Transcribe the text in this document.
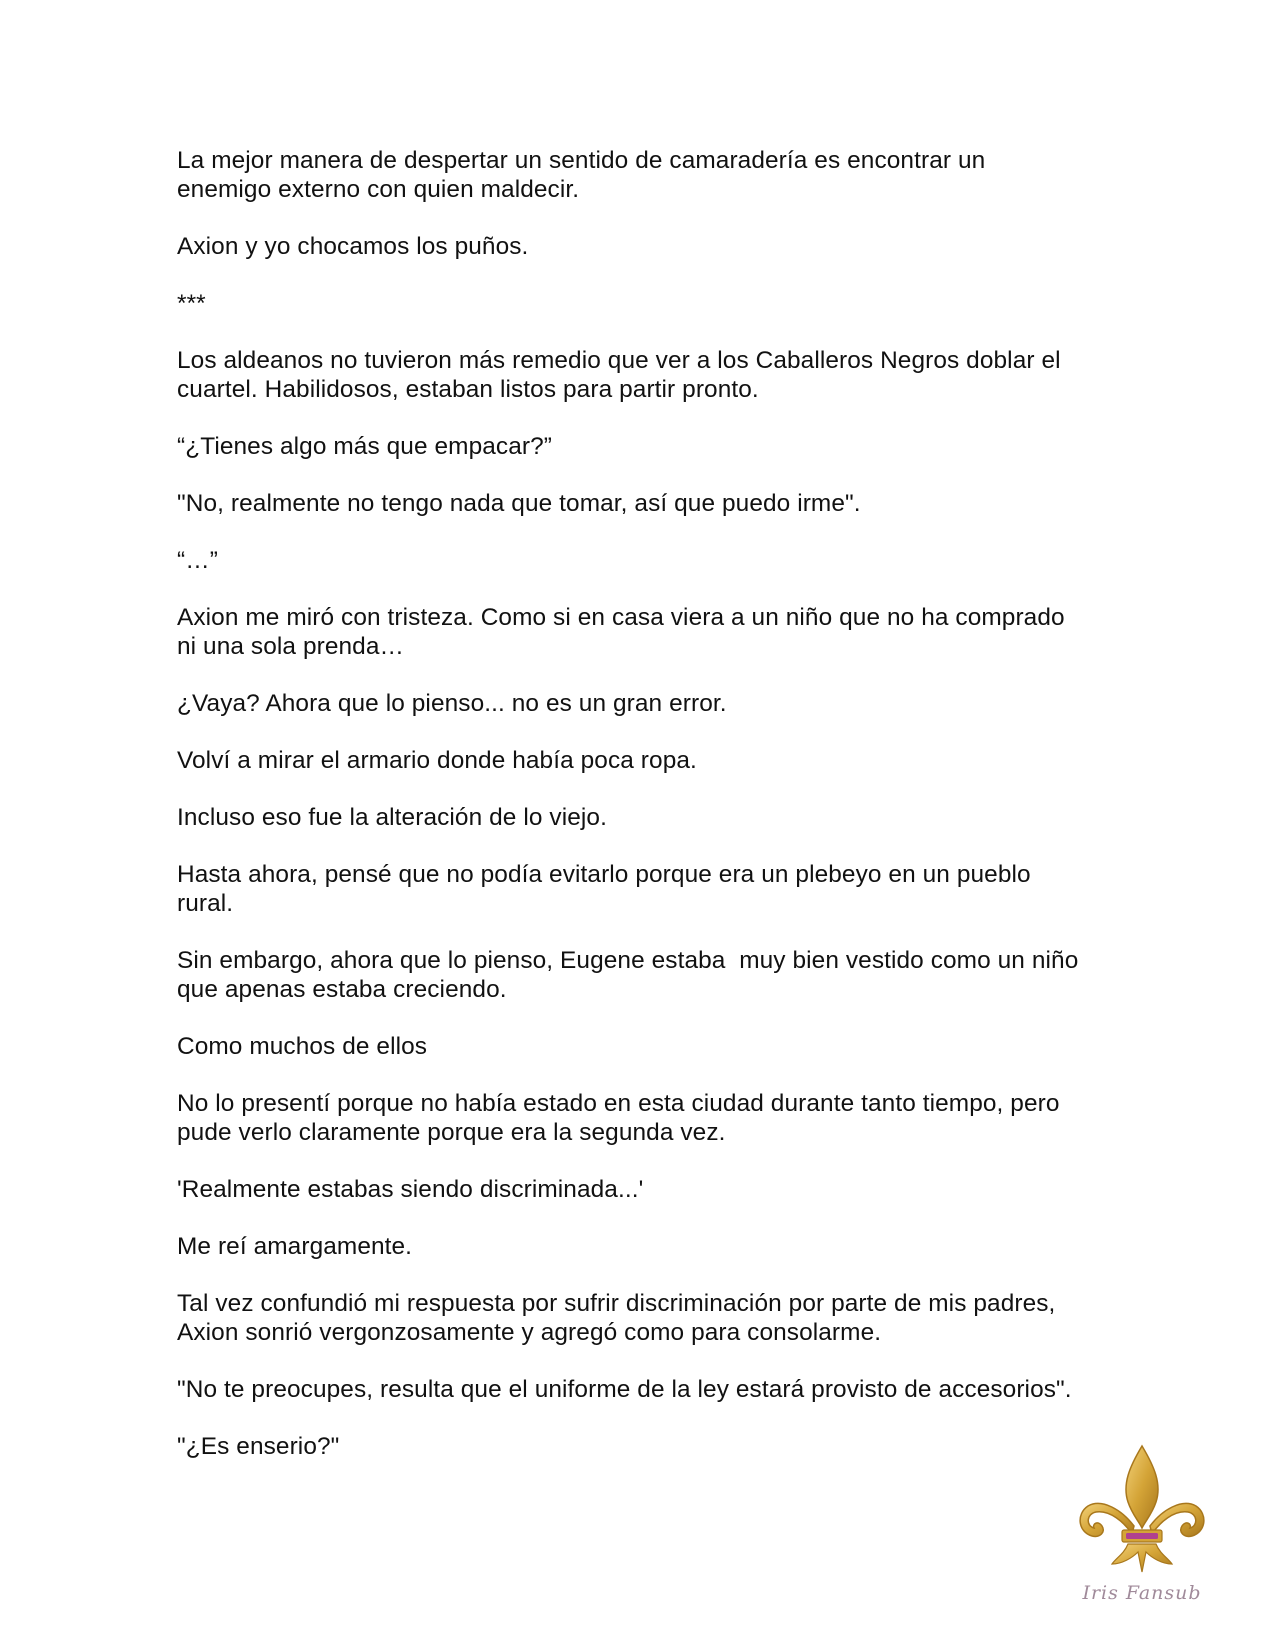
La mejor manera de despertar un sentido de camaradería es encontrar un
enemigo externo con quien maldecir.

Axion y yo chocamos los puños.

***

Los aldeanos no tuvieron más remedio que ver a los Caballeros Negros doblar el
cuartel. Habilidosos, estaban listos para partir pronto.

“¿Tienes algo más que empacar?”

"No, realmente no tengo nada que tomar, así que puedo irme".

“…”

Axion me miró con tristeza. Como si en casa viera a un niño que no ha comprado
ni una sola prenda…

¿Vaya? Ahora que lo pienso... no es un gran error.

Volví a mirar el armario donde había poca ropa.

Incluso eso fue la alteración de lo viejo.

Hasta ahora, pensé que no podía evitarlo porque era un plebeyo en un pueblo
rural.

Sin embargo, ahora que lo pienso, Eugene estaba  muy bien vestido como un niño
que apenas estaba creciendo.

Como muchos de ellos

No lo presentí porque no había estado en esta ciudad durante tanto tiempo, pero
pude verlo claramente porque era la segunda vez.

'Realmente estabas siendo discriminada...'

Me reí amargamente.

Tal vez confundió mi respuesta por sufrir discriminación por parte de mis padres,
Axion sonrió vergonzosamente y agregó como para consolarme.

"No te preocupes, resulta que el uniforme de la ley estará provisto de accesorios".

"¿Es enserio?"

Iris Fansub
